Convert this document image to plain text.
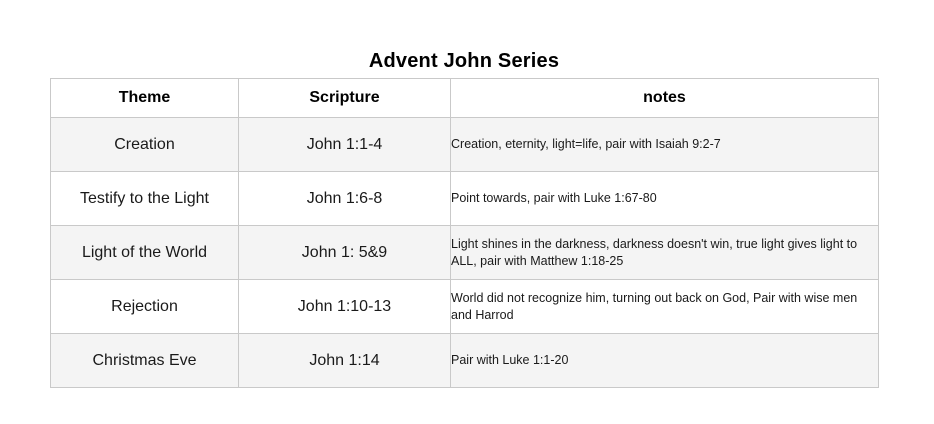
Advent John Series
Theme	Scripture	notes
Creation	John 1:1-4	Creation, eternity, light=life, pair with Isaiah 9:2-7
Testify to the Light	John 1:6-8	Point towards, pair with Luke 1:67-80
Light of the World	John 1: 5&9	Light shines in the darkness, darkness doesn't win, true light gives light to ALL, pair with Matthew 1:18-25
Rejection	John 1:10-13	World did not recognize him, turning out back on God, Pair with wise men and Harrod
Christmas Eve	John 1:14	Pair with Luke 1:1-20
